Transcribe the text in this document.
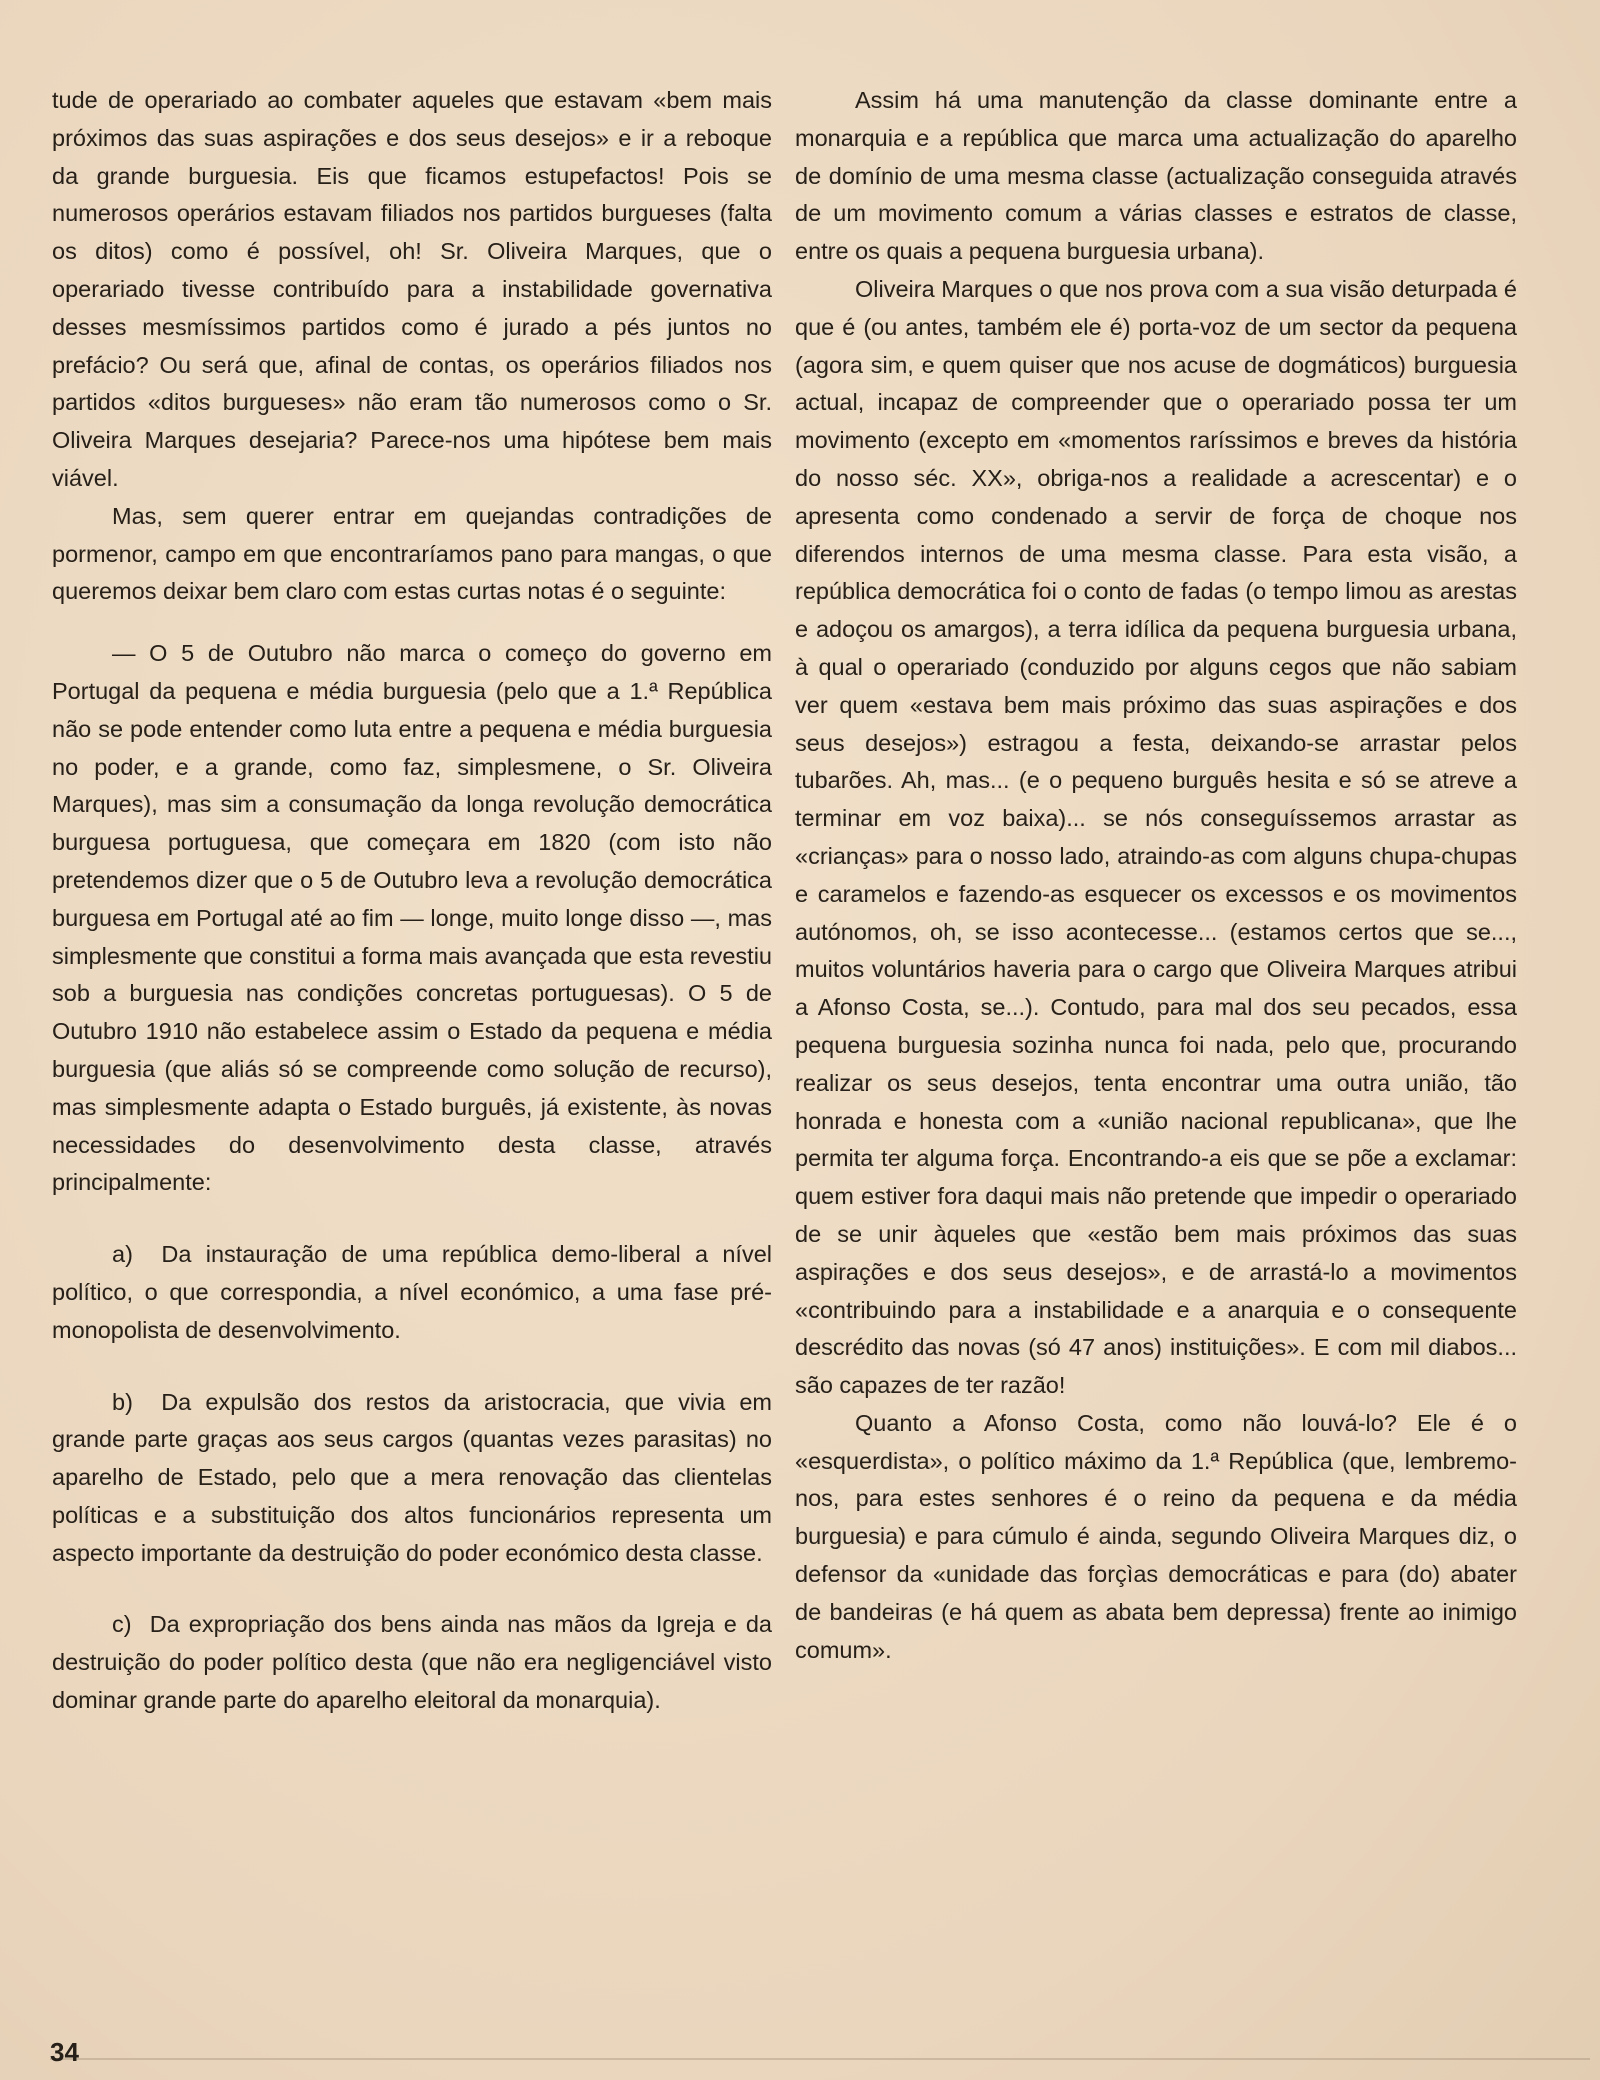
tude de operariado ao combater aqueles que estavam «bem mais próximos das suas aspirações e dos seus desejos» e ir a reboque da grande burguesia. Eis que ficamos estupefactos! Pois se numerosos operários estavam filiados nos partidos burgueses (falta os ditos) como é possível, oh! Sr. Oliveira Marques, que o operariado tivesse contribuído para a instabilidade governativa desses mesmíssimos partidos como é jurado a pés juntos no prefácio? Ou será que, afinal de contas, os operários filiados nos partidos «ditos burgueses» não eram tão numerosos como o Sr. Oliveira Marques desejaria? Parece-nos uma hipótese bem mais viável.

Mas, sem querer entrar em quejandas contradições de pormenor, campo em que encontraríamos pano para mangas, o que queremos deixar bem claro com estas curtas notas é o seguinte:

— O 5 de Outubro não marca o começo do governo em Portugal da pequena e média burguesia (pelo que a 1.ª República não se pode entender como luta entre a pequena e média burguesia no poder, e a grande, como faz, simplesmene, o Sr. Oliveira Marques), mas sim a consumação da longa revolução democrática burguesa portuguesa, que começara em 1820 (com isto não pretendemos dizer que o 5 de Outubro leva a revolução democrática burguesa em Portugal até ao fim — longe, muito longe disso —, mas simplesmente que constitui a forma mais avançada que esta revestiu sob a burguesia nas condições concretas portuguesas). O 5 de Outubro 1910 não estabelece assim o Estado da pequena e média burguesia (que aliás só se compreende como solução de recurso), mas simplesmente adapta o Estado burguês, já existente, às novas necessidades do desenvolvimento desta classe, através principalmente:

a) Da instauração de uma república demo-liberal a nível político, o que correspondia, a nível económico, a uma fase pré-monopolista de desenvolvimento.

b) Da expulsão dos restos da aristocracia, que vivia em grande parte graças aos seus cargos (quantas vezes parasitas) no aparelho de Estado, pelo que a mera renovação das clientelas políticas e a substituição dos altos funcionários representa um aspecto importante da destruição do poder económico desta classe.

c) Da expropriação dos bens ainda nas mãos da Igreja e da destruição do poder político desta (que não era negligenciável visto dominar grande parte do aparelho eleitoral da monarquia).

Assim há uma manutenção da classe dominante entre a monarquia e a república que marca uma actualização do aparelho de domínio de uma mesma classe (actualização conseguida através de um movimento comum a várias classes e estratos de classe, entre os quais a pequena burguesia urbana).

Oliveira Marques o que nos prova com a sua visão deturpada é que é (ou antes, também ele é) porta-voz de um sector da pequena (agora sim, e quem quiser que nos acuse de dogmáticos) burguesia actual, incapaz de compreender que o operariado possa ter um movimento (excepto em «momentos raríssimos e breves da história do nosso séc. XX», obriga-nos a realidade a acrescentar) e o apresenta como condenado a servir de força de choque nos diferendos internos de uma mesma classe. Para esta visão, a república democrática foi o conto de fadas (o tempo limou as arestas e adoçou os amargos), a terra idílica da pequena burguesia urbana, à qual o operariado (conduzido por alguns cegos que não sabiam ver quem «estava bem mais próximo das suas aspirações e dos seus desejos») estragou a festa, deixando-se arrastar pelos tubarões. Ah, mas... (e o pequeno burguês hesita e só se atreve a terminar em voz baixa)... se nós conseguíssemos arrastar as «crianças» para o nosso lado, atraindo-as com alguns chupa-chupas e caramelos e fazendo-as esquecer os excessos e os movimentos autónomos, oh, se isso acontecesse... (estamos certos que se..., muitos voluntários haveria para o cargo que Oliveira Marques atribui a Afonso Costa, se...). Contudo, para mal dos seu pecados, essa pequena burguesia sozinha nunca foi nada, pelo que, procurando realizar os seus desejos, tenta encontrar uma outra união, tão honrada e honesta com a «união nacional republicana», que lhe permita ter alguma força. Encontrando-a eis que se põe a exclamar: quem estiver fora daqui mais não pretende que impedir o operariado de se unir àqueles que «estão bem mais próximos das suas aspirações e dos seus desejos», e de arrastá-lo a movimentos «contribuindo para a instabilidade e a anarquia e o consequente descrédito das novas (só 47 anos) instituições». E com mil diabos... são capazes de ter razão!

Quanto a Afonso Costa, como não louvá-lo? Ele é o «esquerdista», o político máximo da 1.ª República (que, lembremo-nos, para estes senhores é o reino da pequena e da média burguesia) e para cúmulo é ainda, segundo Oliveira Marques diz, o defensor da «unidade das forçìas democráticas e para (do) abater de bandeiras (e há quem as abata bem depressa) frente ao inimigo comum».

34
